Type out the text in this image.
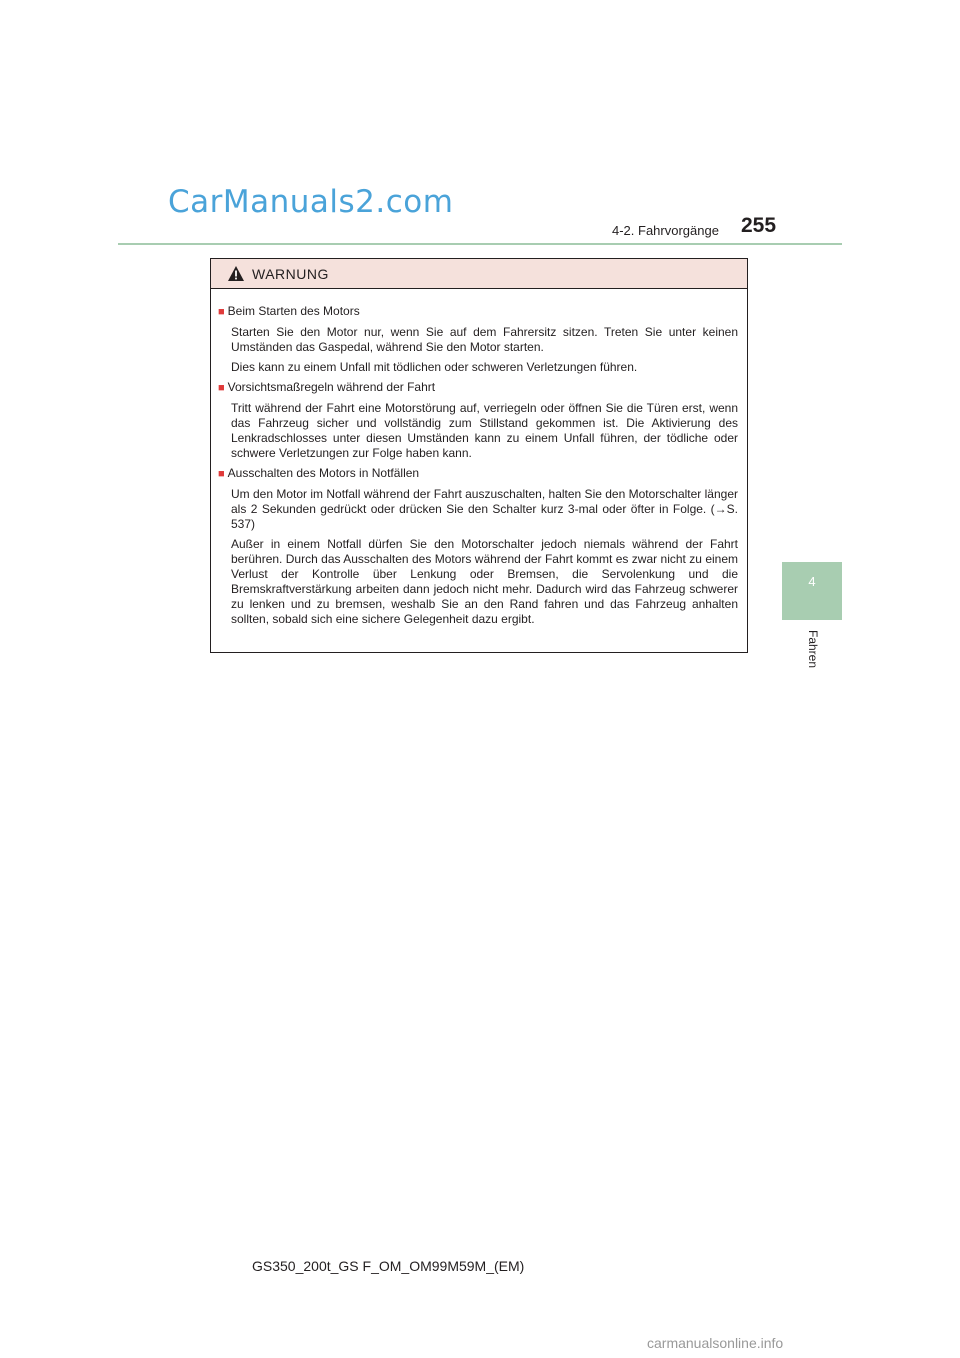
CarManuals2.com
4-2. Fahrvorgänge 255
4
Fahren
WARNUNG

■ Beim Starten des Motors

Starten Sie den Motor nur, wenn Sie auf dem Fahrersitz sitzen. Treten Sie unter keinen Umständen das Gaspedal, während Sie den Motor starten.

Dies kann zu einem Unfall mit tödlichen oder schweren Verletzungen führen.

■ Vorsichtsmaßregeln während der Fahrt

Tritt während der Fahrt eine Motorstörung auf, verriegeln oder öffnen Sie die Türen erst, wenn das Fahrzeug sicher und vollständig zum Stillstand gekommen ist. Die Aktivierung des Lenkradschlosses unter diesen Umständen kann zu einem Unfall führen, der tödliche oder schwere Verletzungen zur Folge haben kann.

■ Ausschalten des Motors in Notfällen

Um den Motor im Notfall während der Fahrt auszuschalten, halten Sie den Motorschalter länger als 2 Sekunden gedrückt oder drücken Sie den Schalter kurz 3-mal oder öfter in Folge. (→S. 537)

Außer in einem Notfall dürfen Sie den Motorschalter jedoch niemals während der Fahrt berühren. Durch das Ausschalten des Motors während der Fahrt kommt es zwar nicht zu einem Verlust der Kontrolle über Lenkung oder Bremsen, die Servolenkung und die Bremskraftverstärkung arbeiten dann jedoch nicht mehr. Dadurch wird das Fahrzeug schwerer zu lenken und zu bremsen, weshalb Sie an den Rand fahren und das Fahrzeug anhalten sollten, sobald sich eine sichere Gelegenheit dazu ergibt.

GS350_200t_GS F_OM_OM99M59M_(EM)
carmanualsonline.info
